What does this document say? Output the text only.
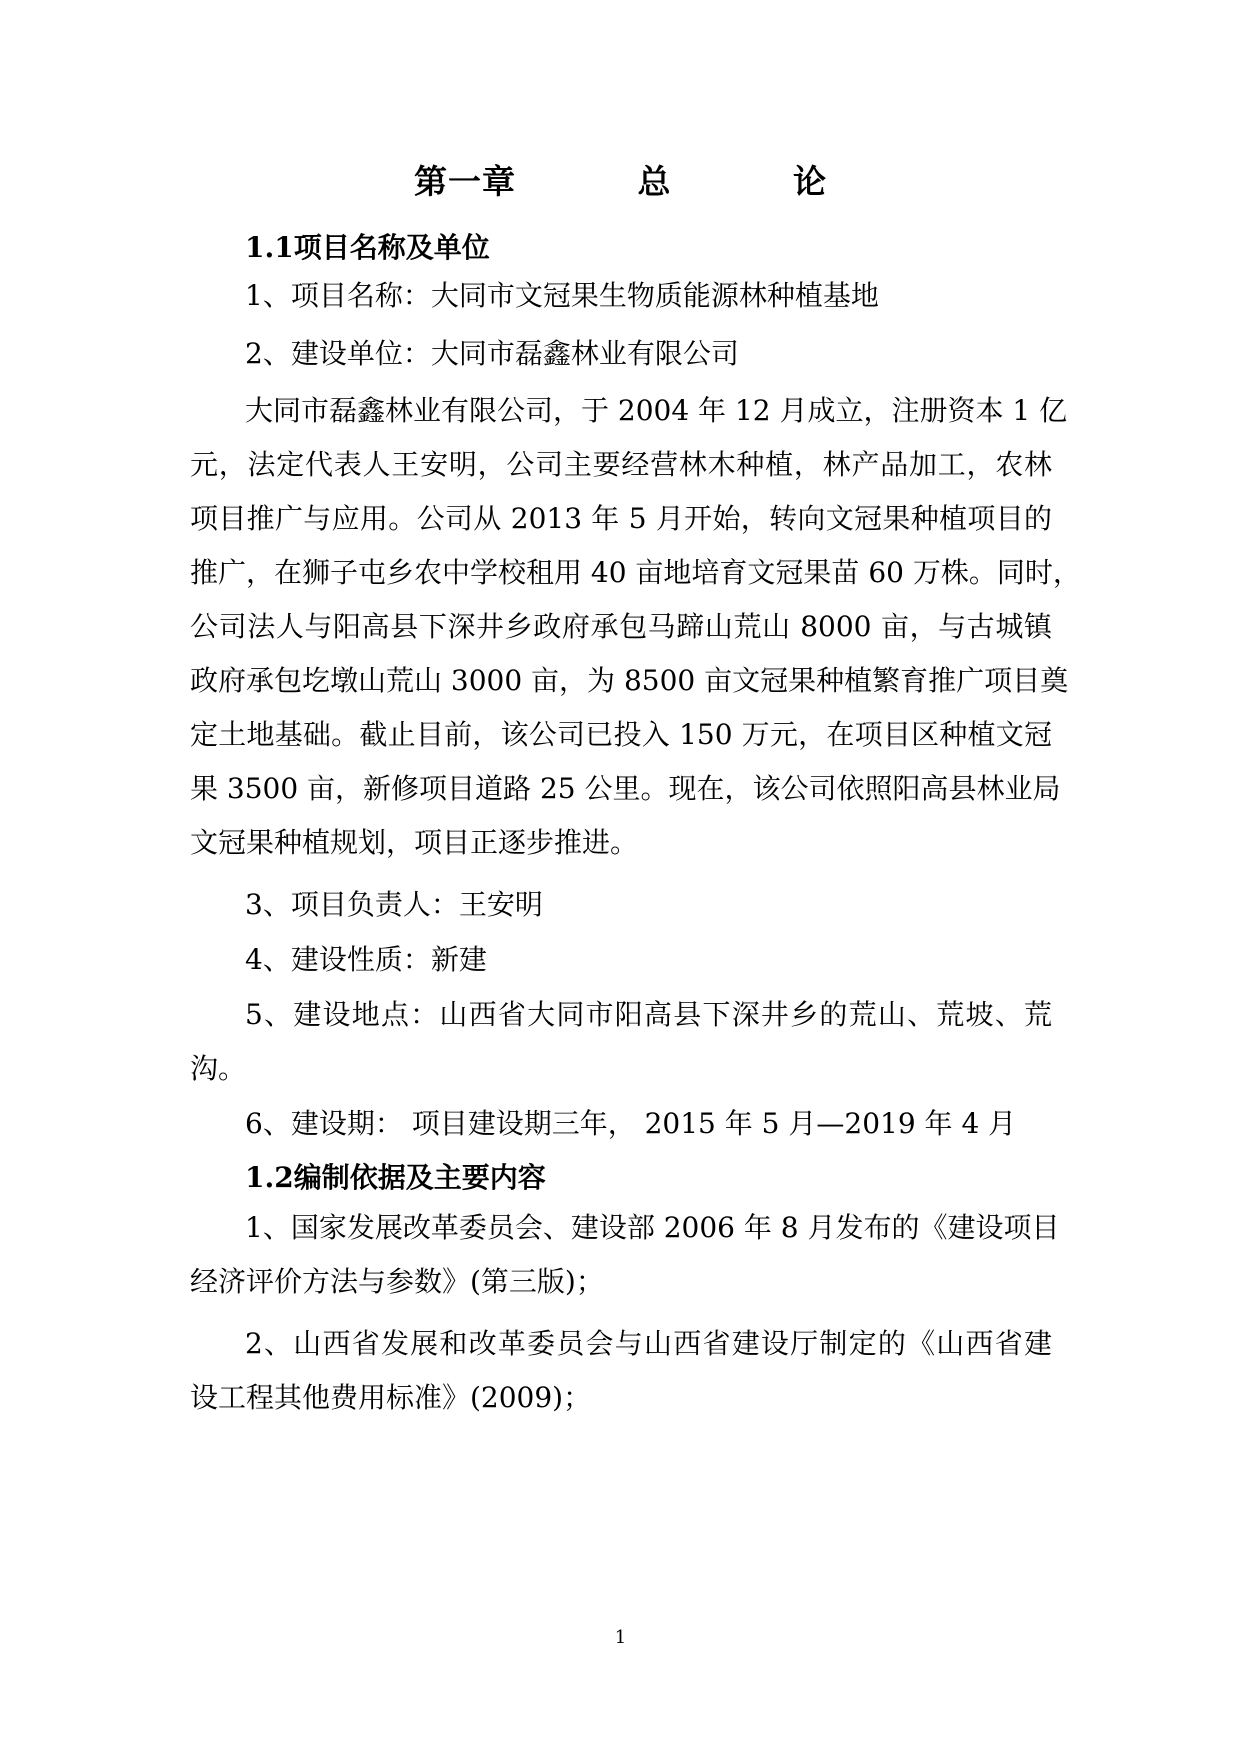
第一章   总   论
1.1项目名称及单位
1、项目名称：大同市文冠果生物质能源林种植基地
2、建设单位：大同市磊鑫林业有限公司
大同市磊鑫林业有限公司，于 2004 年 12 月成立，注册资本 1 亿
元，法定代表人王安明，公司主要经营林木种植，林产品加工，农林
项目推广与应用。公司从 2013 年 5 月开始，转向文冠果种植项目的
推广，在狮子屯乡农中学校租用 40 亩地培育文冠果苗 60 万株。同时，
公司法人与阳高县下深井乡政府承包马蹄山荒山 8000 亩，与古城镇
政府承包圪墩山荒山 3000 亩，为 8500 亩文冠果种植繁育推广项目奠
定土地基础。截止目前，该公司已投入 150 万元，在项目区种植文冠
果 3500 亩，新修项目道路 25 公里。现在，该公司依照阳高县林业局
文冠果种植规划，项目正逐步推进。
3、项目负责人：王安明
4、建设性质：新建
5、建设地点：山西省大同市阳高县下深井乡的荒山、荒坡、荒
沟。
6、建设期： 项目建设期三年， 2015 年 5 月—2019 年 4 月
1.2编制依据及主要内容
1、国家发展改革委员会、建设部 2006 年 8 月发布的《建设项目
经济评价方法与参数》(第三版)；
2、山西省发展和改革委员会与山西省建设厅制定的《山西省建
设工程其他费用标准》(2009)；
1
